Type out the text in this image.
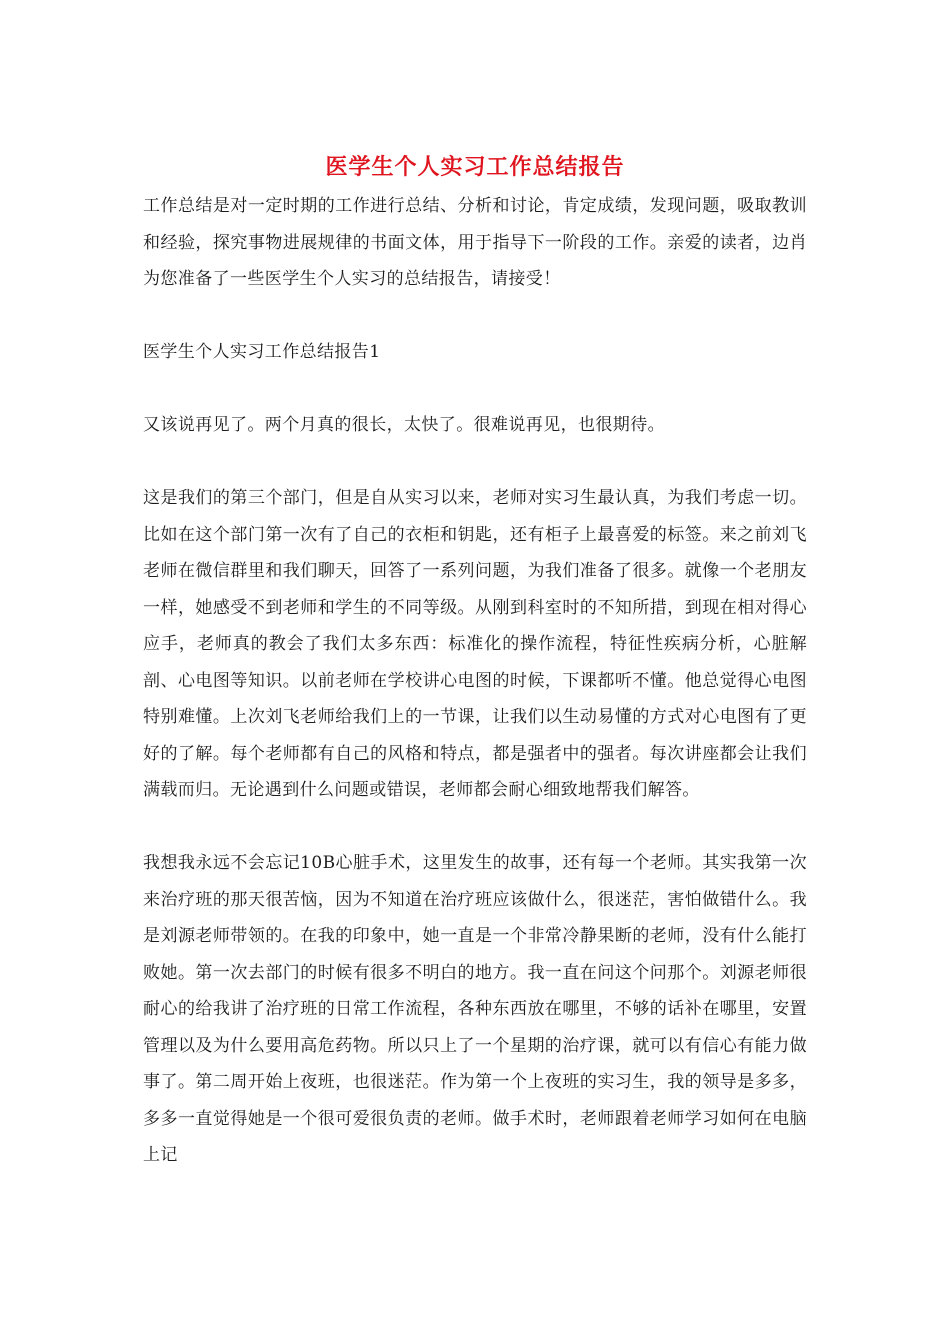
医学生个人实习工作总结报告

工作总结是对一定时期的工作进行总结、分析和讨论，肯定成绩，发现问题，吸取教训和经验，探究事物进展规律的书面文体，用于指导下一阶段的工作。亲爱的读者，边肖为您准备了一些医学生个人实习的总结报告，请接受！

医学生个人实习工作总结报告1

又该说再见了。两个月真的很长，太快了。很难说再见，也很期待。

这是我们的第三个部门，但是自从实习以来，老师对实习生最认真，为我们考虑一切。比如在这个部门第一次有了自己的衣柜和钥匙，还有柜子上最喜爱的标签。来之前刘飞老师在微信群里和我们聊天，回答了一系列问题，为我们准备了很多。就像一个老朋友一样，她感受不到老师和学生的不同等级。从刚到科室时的不知所措，到现在相对得心应手，老师真的教会了我们太多东西：标准化的操作流程，特征性疾病分析，心脏解剖、心电图等知识。以前老师在学校讲心电图的时候，下课都听不懂。他总觉得心电图特别难懂。上次刘飞老师给我们上的一节课，让我们以生动易懂的方式对心电图有了更好的了解。每个老师都有自己的风格和特点，都是强者中的强者。每次讲座都会让我们满载而归。无论遇到什么问题或错误，老师都会耐心细致地帮我们解答。

我想我永远不会忘记10B心脏手术，这里发生的故事，还有每一个老师。其实我第一次来治疗班的那天很苦恼，因为不知道在治疗班应该做什么，很迷茫，害怕做错什么。我是刘源老师带领的。在我的印象中，她一直是一个非常冷静果断的老师，没有什么能打败她。第一次去部门的时候有很多不明白的地方。我一直在问这个问那个。刘源老师很耐心的给我讲了治疗班的日常工作流程，各种东西放在哪里，不够的话补在哪里，安置管理以及为什么要用高危药物。所以只上了一个星期的治疗课，就可以有信心有能力做事了。第二周开始上夜班，也很迷茫。作为第一个上夜班的实习生，我的领导是多多，多多一直觉得她是一个很可爱很负责的老师。做手术时，老师跟着老师学习如何在电脑上记
